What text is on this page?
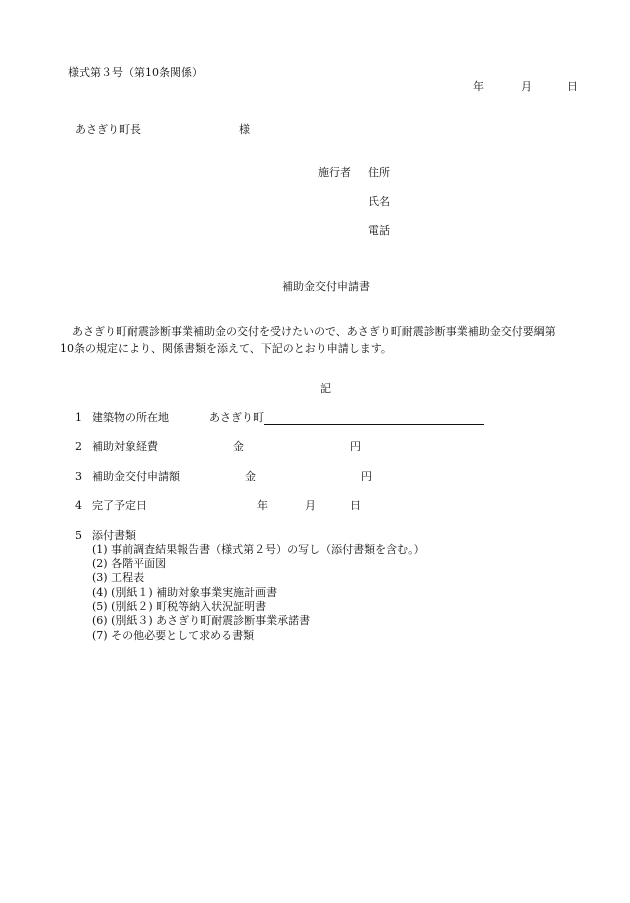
様式第３号（第10条関係）
年	月	日
あさぎり町長	様
施行者 住所
氏名
電話
補助金交付申請書
あさぎり町耐震診断事業補助金の交付を受けたいので、あさぎり町耐震診断事業補助金交付要綱第
10条の規定により、関係書類を添えて、下記のとおり申請します。
記
1 建築物の所在地	あさぎり町
2 補助対象経費	金	円
3 補助金交付申請額	金	円
4 完了予定日	年	月	日
5 添付書類
(1) 事前調査結果報告書（様式第２号）の写し（添付書類を含む。）
(2) 各階平面図
(3) 工程表
(4) (別紙１) 補助対象事業実施計画書
(5) (別紙２) 町税等納入状況証明書
(6) (別紙３) あさぎり町耐震診断事業承諾書
(7) その他必要として求める書類
